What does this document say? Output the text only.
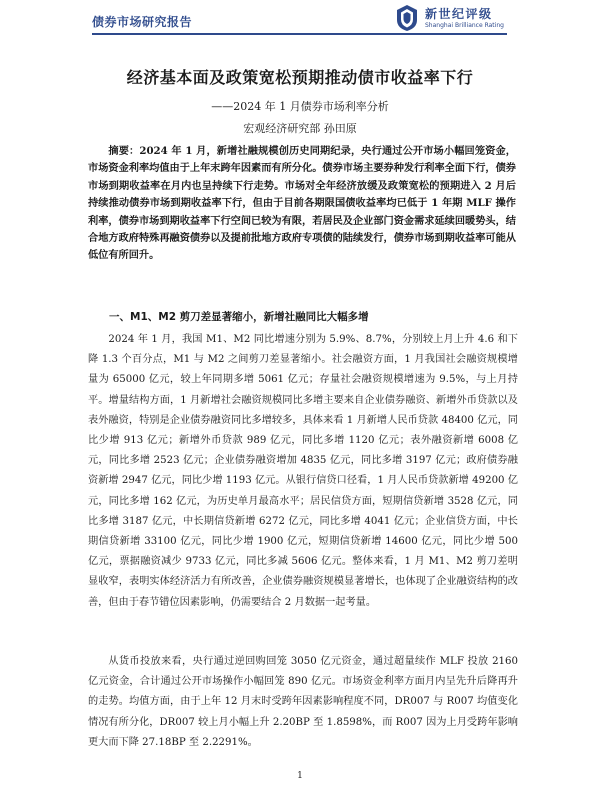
债券市场研究报告
新世纪评级
Shanghai Brilliance Rating
经济基本面及政策宽松预期推动债市收益率下行
——2024 年 1 月债券市场利率分析
宏观经济研究部 孙田原
摘要：2024 年 1 月，新增社融规模创历史同期纪录，央行通过公开市场小幅回笼资金，市场资金利率均值由于上年末跨年因素而有所分化。债券市场主要券种发行利率全面下行，债券市场到期收益率在月内也呈持续下行走势。市场对全年经济放缓及政策宽松的预期进入 2 月后持续推动债券市场到期收益率下行，但由于目前各期限国债收益率均已低于 1 年期 MLF 操作利率，债券市场到期收益率下行空间已较为有限，若居民及企业部门资金需求延续回暖势头，结合地方政府特殊再融资债券以及提前批地方政府专项债的陆续发行，债券市场到期收益率可能从低位有所回升。
一、M1、M2 剪刀差显著缩小，新增社融同比大幅多增
2024 年 1 月，我国 M1、M2 同比增速分别为 5.9%、8.7%，分别较上月上升 4.6 和下降 1.3 个百分点，M1 与 M2 之间剪刀差显著缩小。社会融资方面，1 月我国社会融资规模增量为 65000 亿元，较上年同期多增 5061 亿元；存量社会融资规模增速为 9.5%，与上月持平。增量结构方面，1 月新增社会融资规模同比多增主要来自企业债券融资、新增外币贷款以及表外融资，特别是企业债券融资同比多增较多，具体来看 1 月新增人民币贷款 48400 亿元，同比少增 913 亿元；新增外币贷款 989 亿元，同比多增 1120 亿元；表外融资新增 6008 亿元，同比多增 2523 亿元；企业债券融资增加 4835 亿元，同比多增 3197 亿元；政府债券融资新增 2947 亿元，同比少增 1193 亿元。从银行信贷口径看，1 月人民币贷款新增 49200 亿元，同比多增 162 亿元，为历史单月最高水平；居民信贷方面，短期信贷新增 3528 亿元，同比多增 3187 亿元，中长期信贷新增 6272 亿元，同比多增 4041 亿元；企业信贷方面，中长期信贷新增 33100 亿元，同比少增 1900 亿元，短期信贷新增 14600 亿元，同比少增 500 亿元，票据融资减少 9733 亿元，同比多减 5606 亿元。整体来看，1 月 M1、M2 剪刀差明显收窄，表明实体经济活力有所改善，企业债券融资规模显著增长，也体现了企业融资结构的改善，但由于春节错位因素影响，仍需要结合 2 月数据一起考量。
从货币投放来看，央行通过逆回购回笼 3050 亿元资金，通过超量续作 MLF 投放 2160 亿元资金，合计通过公开市场操作小幅回笼 890 亿元。市场资金利率方面月内呈先升后降再升的走势。均值方面，由于上年 12 月末时受跨年因素影响程度不同，DR007 与 R007 均值变化情况有所分化，DR007 较上月小幅上升 2.20BP 至 1.8598%，而 R007 因为上月受跨年影响更大而下降 27.18BP 至 2.2291%。
1
